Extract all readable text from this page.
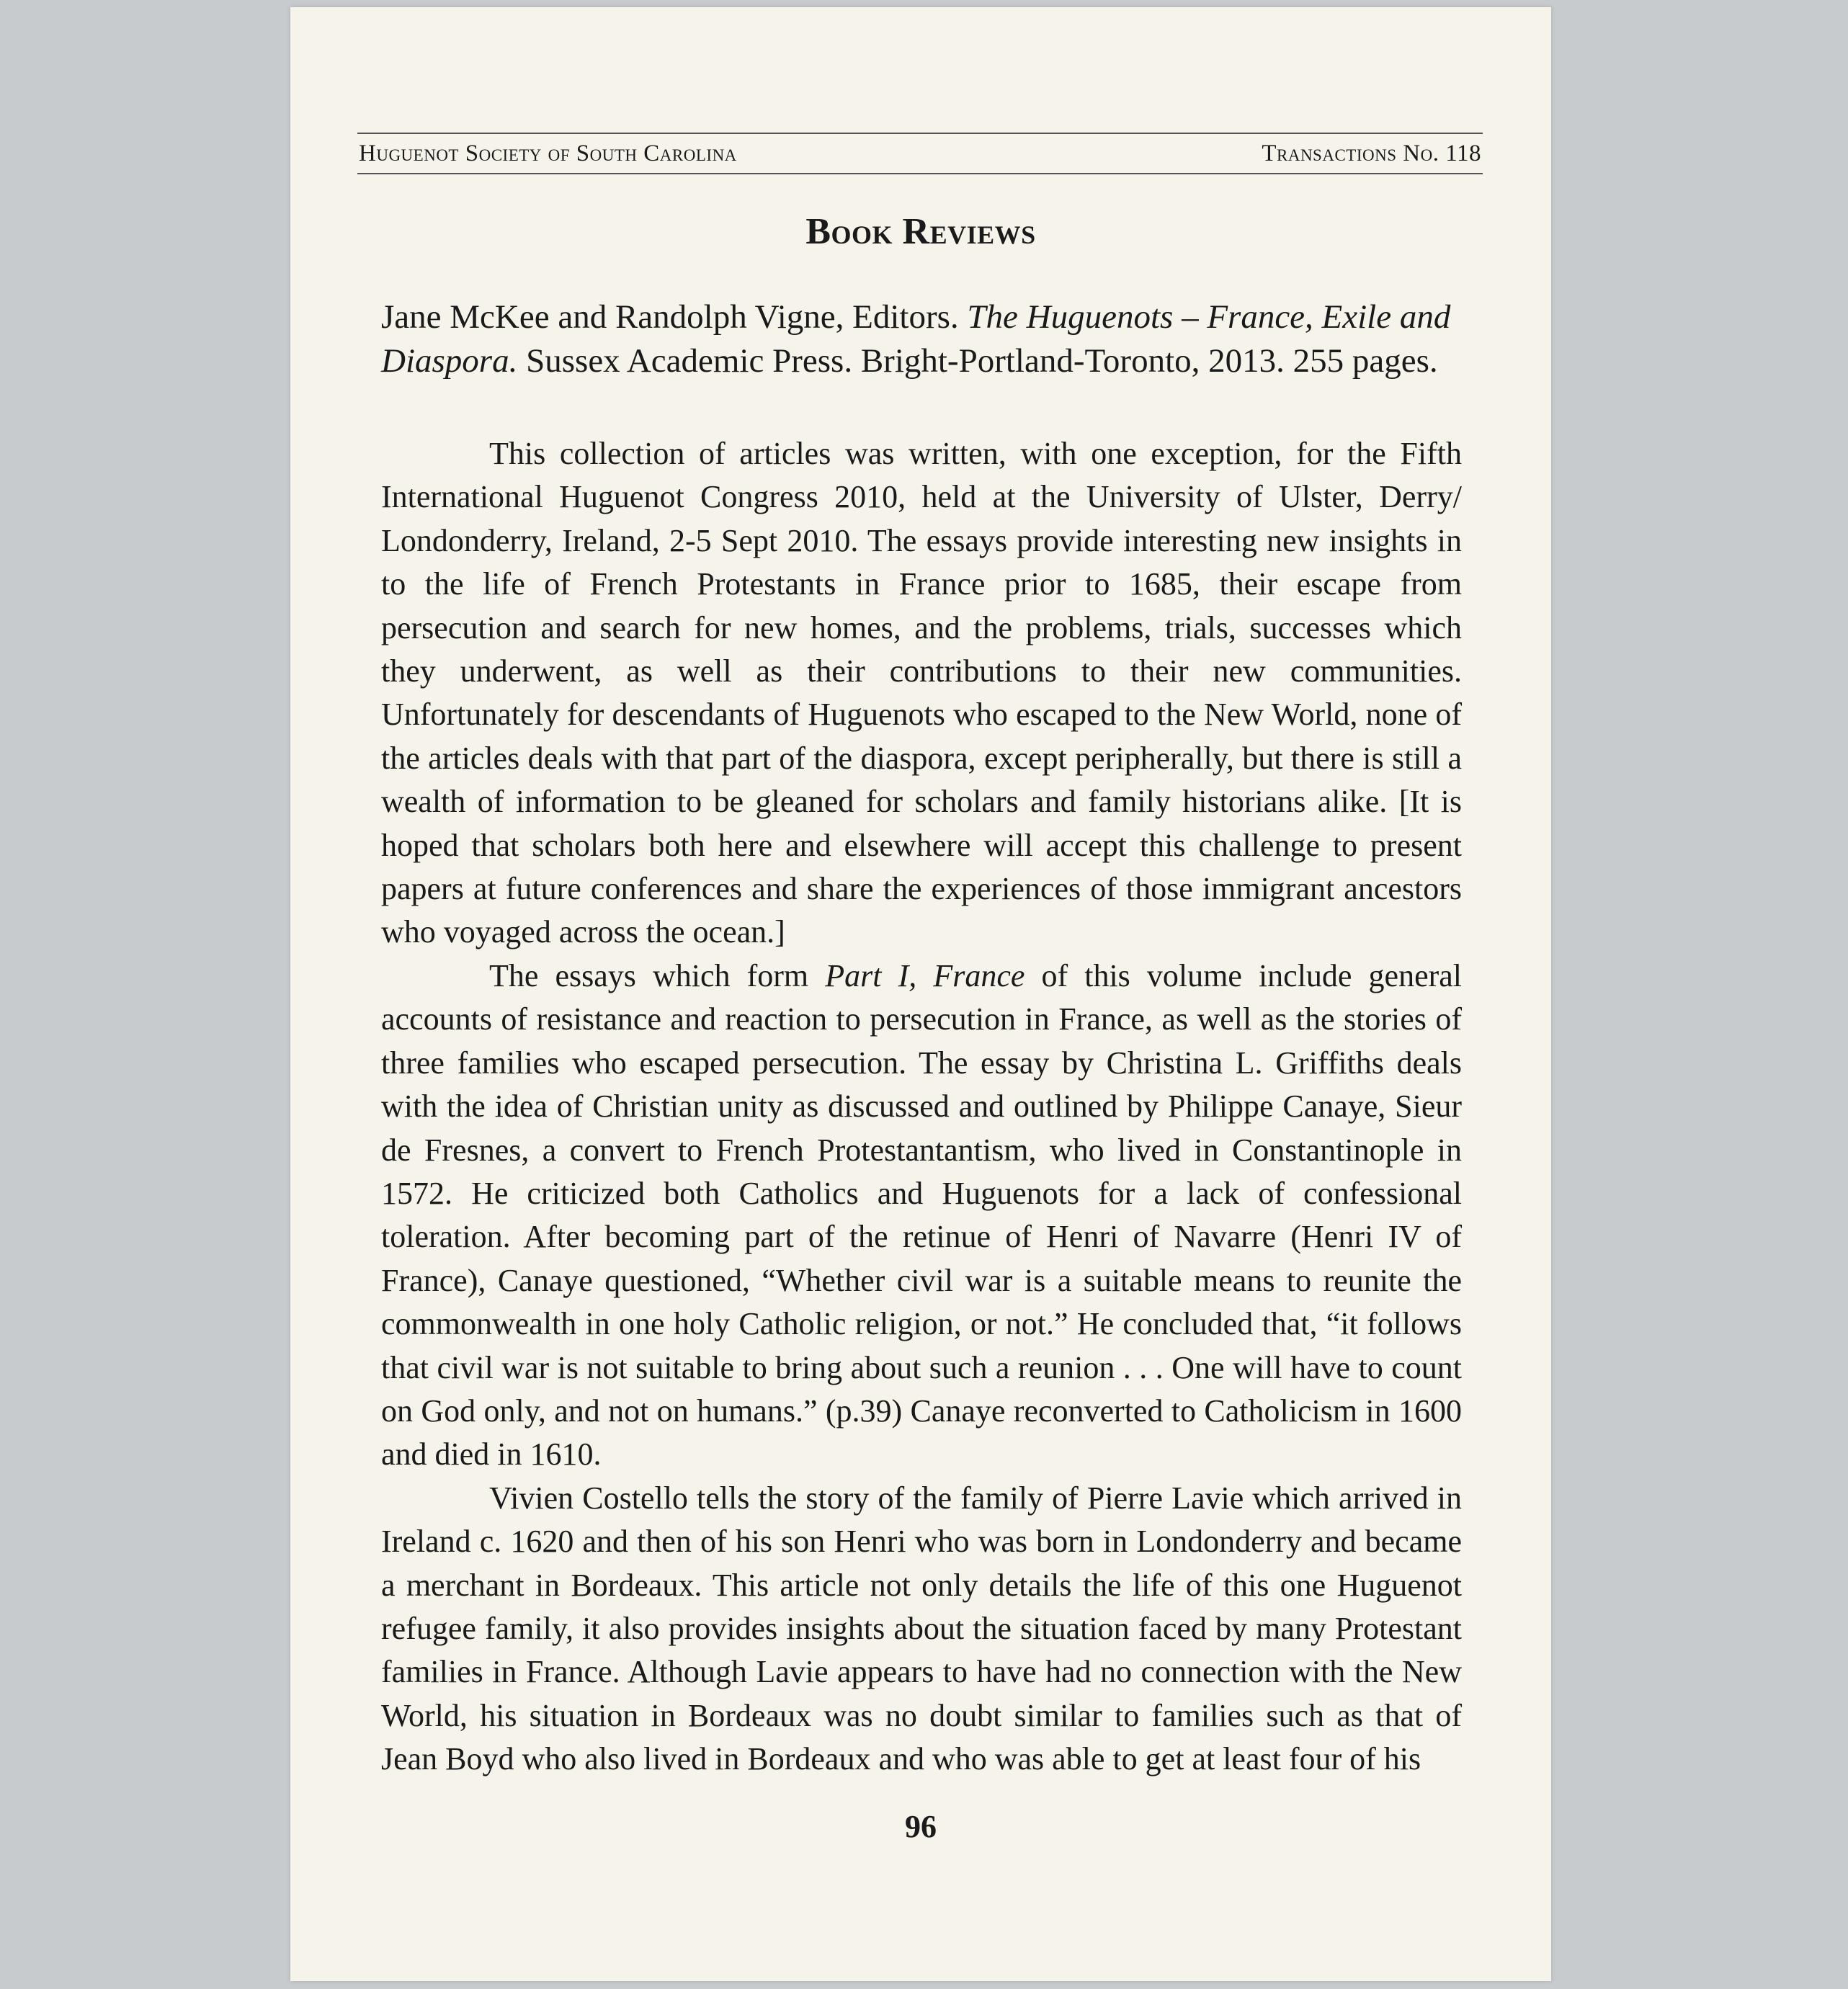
Huguenot Society of South Carolina	Transactions No. 118
Book Reviews
Jane McKee and Randolph Vigne, Editors. The Huguenots – France, Exile and Diaspora. Sussex Academic Press. Bright-Portland-Toronto, 2013. 255 pages.

This collection of articles was written, with one exception, for the Fifth International Huguenot Congress 2010, held at the University of Ulster, Derry/ Londonderry, Ireland, 2-5 Sept 2010. The essays provide interesting new insights in to the life of French Protestants in France prior to 1685, their escape from persecution and search for new homes, and the problems, trials, successes which they underwent, as well as their contributions to their new communities. Unfortunately for descendants of Huguenots who escaped to the New World, none of the articles deals with that part of the diaspora, except peripherally, but there is still a wealth of information to be gleaned for scholars and family historians alike. [It is hoped that scholars both here and elsewhere will accept this challenge to present papers at future conferences and share the experiences of those immigrant ancestors who voyaged across the ocean.]

The essays which form Part I, France of this volume include general accounts of resistance and reaction to persecution in France, as well as the stories of three families who escaped persecution. The essay by Christina L. Griffiths deals with the idea of Christian unity as discussed and outlined by Philippe Canaye, Sieur de Fresnes, a convert to French Protestantantism, who lived in Constantinople in 1572. He criticized both Catholics and Huguenots for a lack of confessional toleration. After becoming part of the retinue of Henri of Navarre (Henri IV of France), Canaye questioned, “Whether civil war is a suitable means to reunite the commonwealth in one holy Catholic religion, or not.” He concluded that, “it follows that civil war is not suitable to bring about such a reunion . . . One will have to count on God only, and not on humans.” (p.39) Canaye reconverted to Catholicism in 1600 and died in 1610.

Vivien Costello tells the story of the family of Pierre Lavie which arrived in Ireland c. 1620 and then of his son Henri who was born in Londonderry and became a merchant in Bordeaux. This article not only details the life of this one Huguenot refugee family, it also provides insights about the situation faced by many Protestant families in France. Although Lavie appears to have had no connection with the New World, his situation in Bordeaux was no doubt similar to families such as that of Jean Boyd who also lived in Bordeaux and who was able to get at least four of his

96
